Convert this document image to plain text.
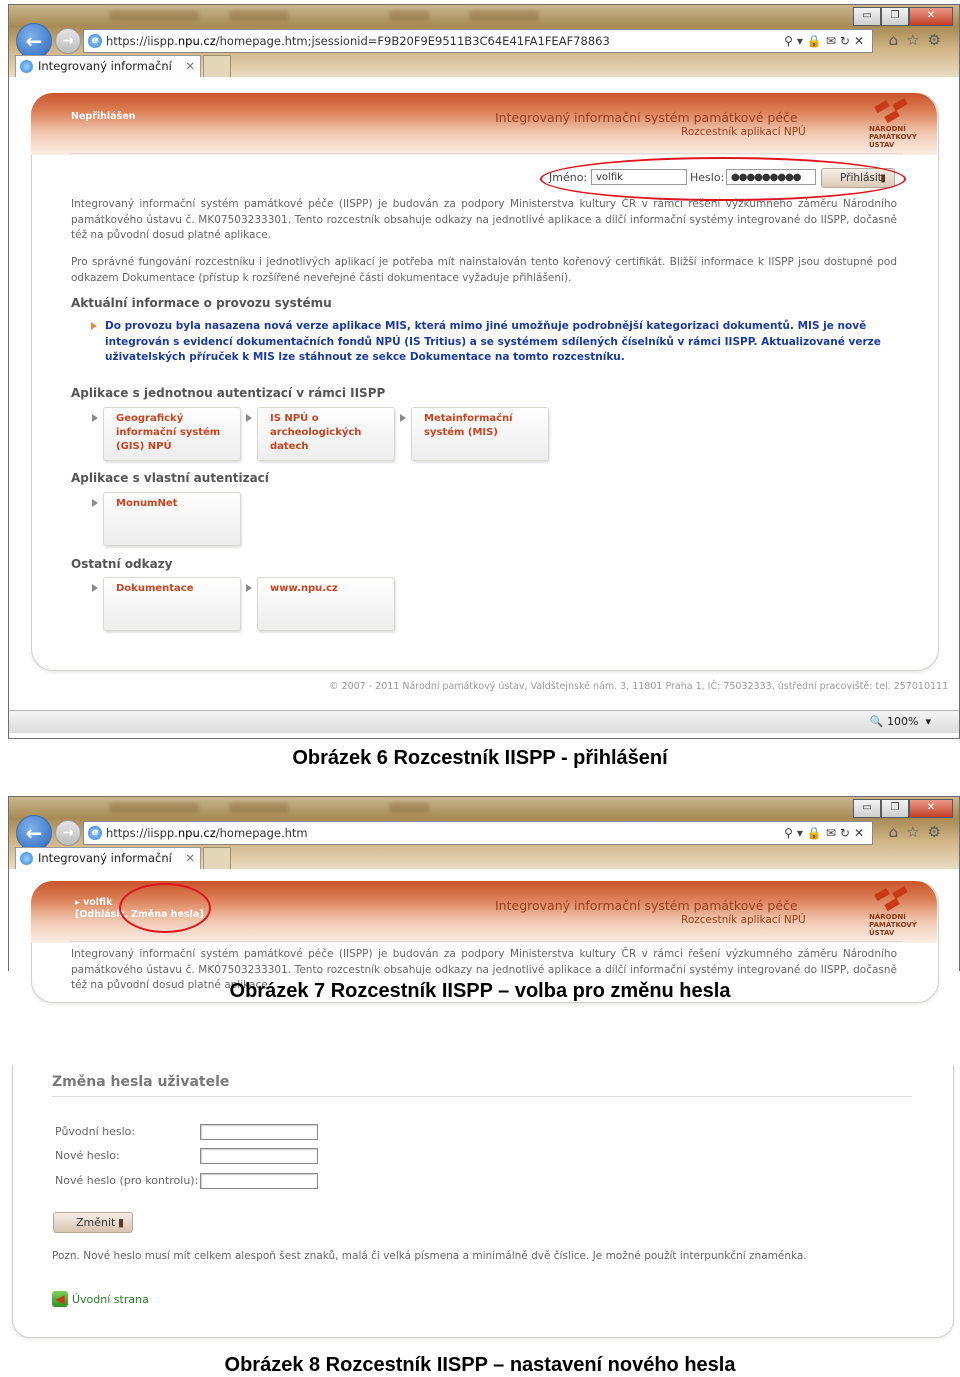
▭	❐	✕
←	→	e https://iispp.npu.cz/homepage.htm;jsessionid=F9B20F9E9511B3C64E41FA1FEAF78863	⚲▾🔒✉↻✕ ⌂☆⚙
Integrovaný informační	✕
Nepřihlášen	Integrovaný informační systém památkové péče
Rozcestník aplikací NPÚ	NÁRODNÍ
PAMÁTKOVÝ
ÚSTAV
Jméno: volfik	Heslo: ●●●●●●●●●	Přihlásit
▮
Integrovaný informační systém památkové péče (IISPP) je budován za podpory Ministerstva kultury ČR v rámci řešení výzkumného záměru Národního památkového ústavu č. MK07503233301. Tento rozcestník obsahuje odkazy na jednotlivé aplikace a dílčí informační systémy integrované do IISPP, dočasně též na původní dosud platné aplikace.
Pro správné fungování rozcestníku i jednotlivých aplikací je potřeba mít nainstalován tento kořenový certifikát. Bližší informace k IISPP jsou dostupné pod odkazem Dokumentace (přístup k rozšířené neveřejné části dokumentace vyžaduje přihlášení).
Aktuální informace o provozu systému
Do provozu byla nasazena nová verze aplikace MIS, která mimo jiné umožňuje podrobnější kategorizaci dokumentů. MIS je nově integrován s evidencí dokumentačních fondů NPÚ (IS Tritius) a se systémem sdílených číselníků v rámci IISPP. Aktualizované verze uživatelských příruček k MIS lze stáhnout ze sekce Dokumentace na tomto rozcestníku.
Aplikace s jednotnou autentizací v rámci IISPP
Geografický informační systém (GIS) NPÚ
IS NPÚ o archeologických datech
Metainformační systém (MIS)
Aplikace s vlastní autentizací
MonumNet
Ostatní odkazy
Dokumentace	www.npu.cz
© 2007 - 2011 Národní památkový ústav, Valdštejnské nám. 3, 11801 Praha 1, IČ: 75032333, ústřední pracoviště: tel. 257010111
🔍 100%  ▾
Obrázek 6 Rozcestník IISPP - přihlášení
▭	❐	✕
←	→	e https://iispp.npu.cz/homepage.htm	⚲▾🔒✉↻✕ ⌂☆⚙
Integrovaný informační	✕
▸ volfik
[Odhlásit, Změna hesla]
Integrovaný informační systém památkové péče
Rozcestník aplikací NPÚ	NÁRODNÍ
PAMÁTKOVÝ
ÚSTAV
Integrovaný informační systém památkové péče (IISPP) je budován za podpory Ministerstva kultury ČR v rámci řešení výzkumného záměru Národního památkového ústavu č. MK07503233301. Tento rozcestník obsahuje odkazy na jednotlivé aplikace a dílčí informační systémy integrované do IISPP, dočasně též na původní dosud platné aplikace.
Obrázek 7 Rozcestník IISPP – volba pro změnu hesla
Změna hesla uživatele
Původní heslo:
Nové heslo:
Nové heslo (pro kontrolu):
Změnit ▮
Pozn. Nové heslo musí mít celkem alespoň šest znaků, malá či velká písmena a minimálně dvě číslice. Je možné použít interpunkční znaménka.
◀ Úvodní strana
Obrázek 8 Rozcestník IISPP – nastavení nového hesla
